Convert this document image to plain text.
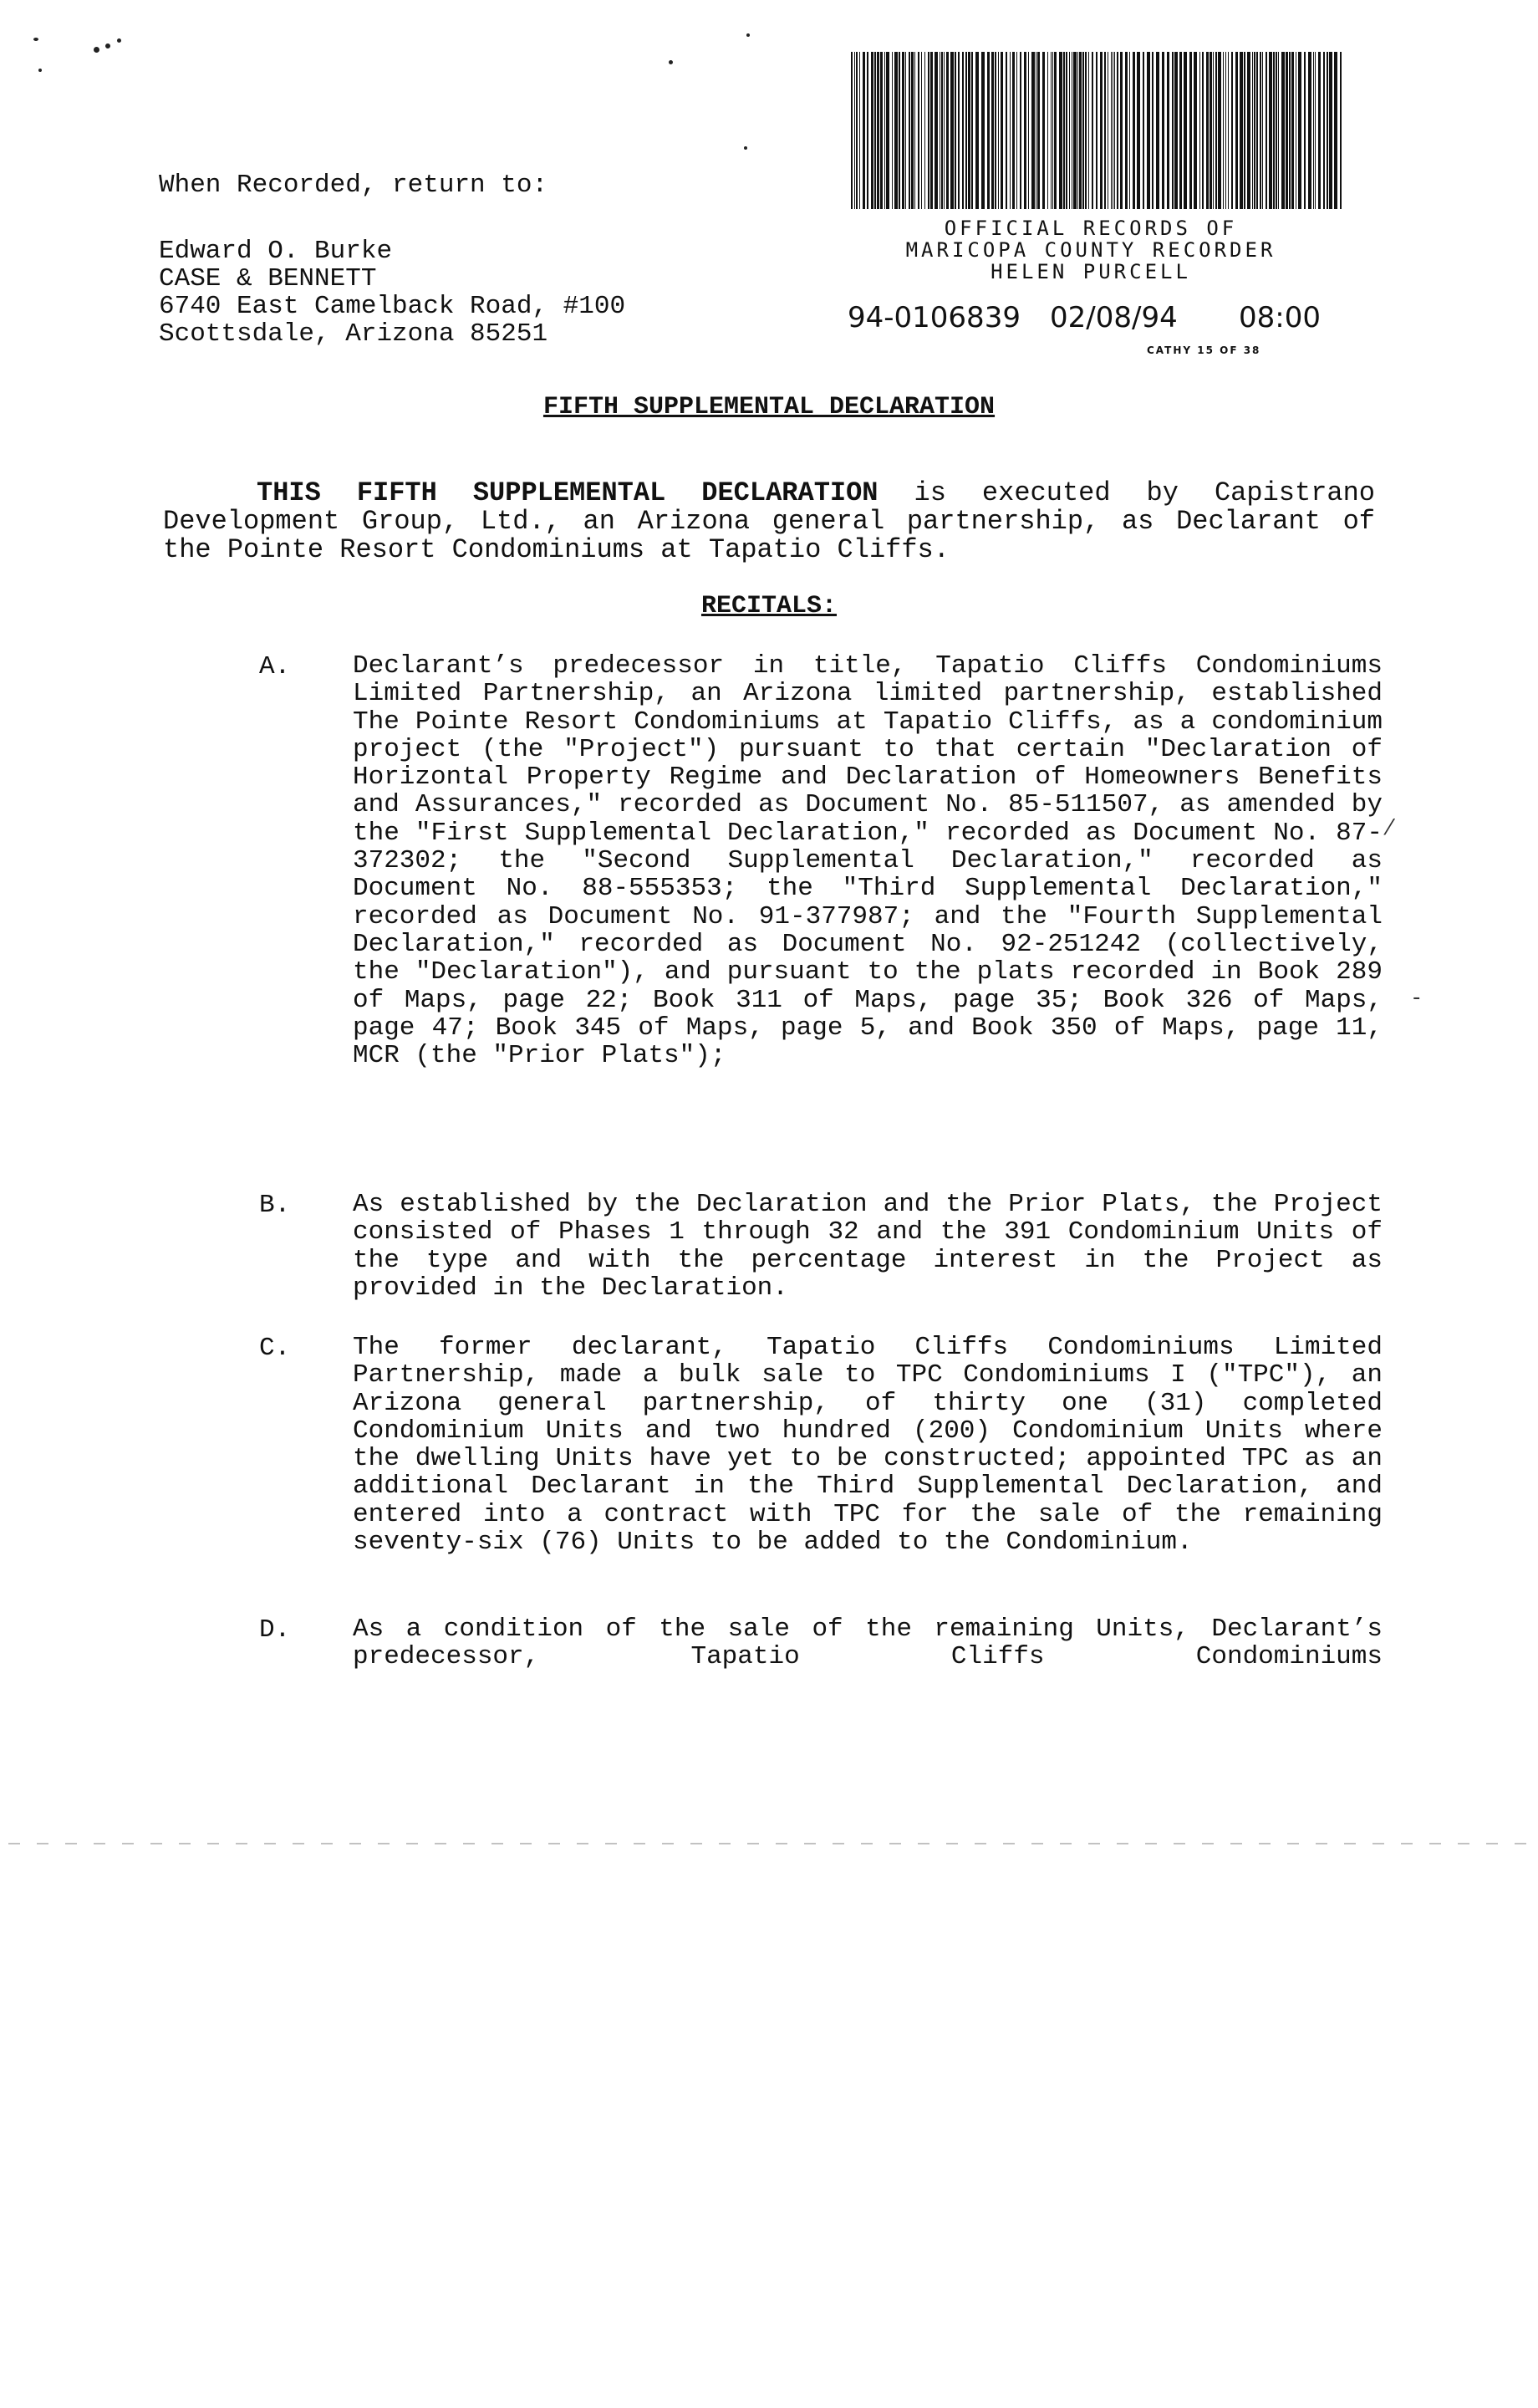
When Recorded, return to:
Edward O. Burke
CASE & BENNETT
6740 East Camelback Road, #100
Scottsdale, Arizona 85251
OFFICIAL RECORDS OF
MARICOPA COUNTY RECORDER
HELEN PURCELL
94-0106839 02/08/94 08:00
CATHY 15 OF 38
FIFTH SUPPLEMENTAL DECLARATION
THIS FIFTH SUPPLEMENTAL DECLARATION is executed by Capistrano Development Group, Ltd., an Arizona general partnership, as Declarant of the Pointe Resort Condominiums at Tapatio Cliffs.
RECITALS:
A. Declarant’s predecessor in title, Tapatio Cliffs Condominiums Limited Partnership, an Arizona limited partnership, established The Pointe Resort Condominiums at Tapatio Cliffs, as a condominium project (the "Project") pursuant to that certain "Declaration of Horizontal Property Regime and Declaration of Homeowners Benefits and Assurances," recorded as Document No. 85-511507, as amended by the "First Supplemental Declaration," recorded as Document No. 87-372302; the "Second Supplemental Declaration," recorded as Document No. 88-555353; the "Third Supplemental Declaration," recorded as Document No. 91-377987; and the "Fourth Supplemental Declaration," recorded as Document No. 92-251242 (collectively, the "Declaration"), and pursuant to the plats recorded in Book 289 of Maps, page 22; Book 311 of Maps, page 35; Book 326 of Maps, page 47; Book 345 of Maps, page 5, and Book 350 of Maps, page 11, MCR (the "Prior Plats");
B. As established by the Declaration and the Prior Plats, the Project consisted of Phases 1 through 32 and the 391 Condominium Units of the type and with the percentage interest in the Project as provided in the Declaration.
C. The former declarant, Tapatio Cliffs Condominiums Limited Partnership, made a bulk sale to TPC Condominiums I ("TPC"), an Arizona general partnership, of thirty one (31) completed Condominium Units and two hundred (200) Condominium Units where the dwelling Units have yet to be constructed; appointed TPC as an additional Declarant in the Third Supplemental Declaration, and entered into a contract with TPC for the sale of the remaining seventy-six (76) Units to be added to the Condominium.
D. As a condition of the sale of the remaining Units, Declarant’s predecessor, Tapatio Cliffs Condominiums
⁄
-
